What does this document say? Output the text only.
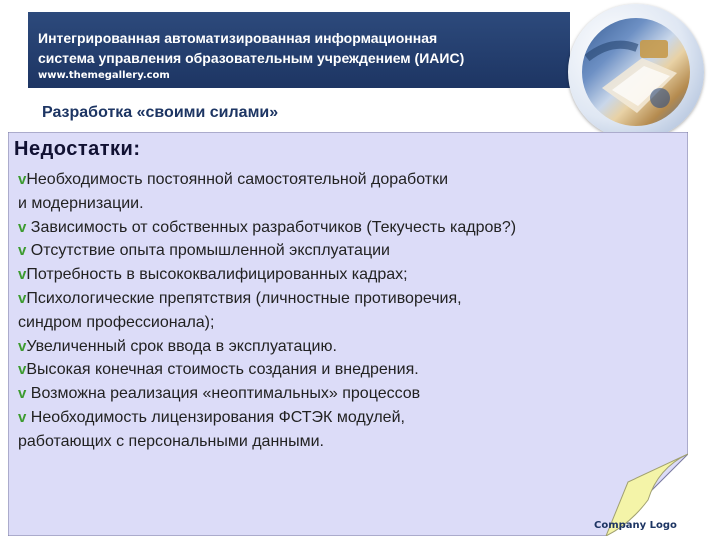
Интегрированная автоматизированная информационная
система управления образовательным учреждением (ИАИС)
www.themegallery.com
Разработка «своими силами»
Недостатки:
vНеобходимость постоянной самостоятельной доработки
и модернизации.
v Зависимость от собственных разработчиков (Текучесть кадров?)
v Отсутствие опыта промышленной эксплуатации
vПотребность в высококвалифицированных кадрах;
vПсихологические препятствия (личностные противоречия,
синдром профессионала);
vУвеличенный срок ввода в эксплуатацию.
vВысокая конечная стоимость создания и внедрения.
v Возможна реализация «неоптимальных» процессов
v Необходимость лицензирования ФСТЭК модулей,
работающих с персональными данными.
Company Logo
